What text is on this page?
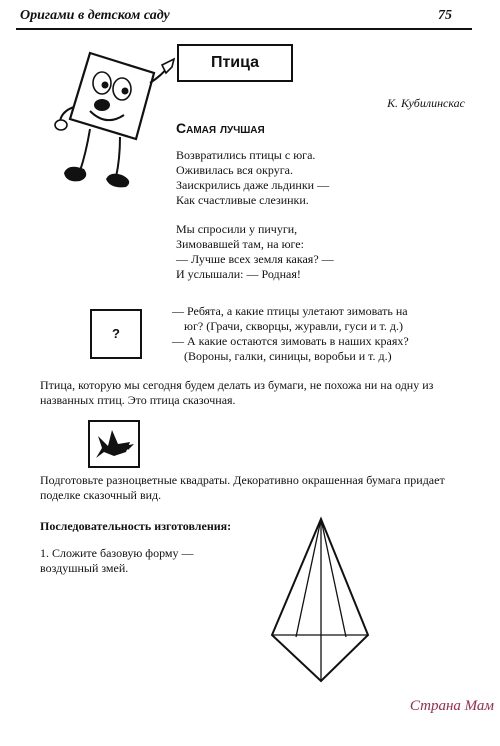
Оригами в детском саду	75
Птица
К. Кубилинскас
Самая лучшая
Возвратились птицы с юга.
Оживилась вся округа.
Заискрились даже льдинки —
Как счастливые слезинки.
Мы спросили у пичуги,
Зимовавшей там, на юге:
— Лучше всех земля какая? —
И услышали: — Родная!
?
— Ребята, а какие птицы улетают зимовать на
юг? (Грачи, скворцы, журавли, гуси и т. д.)
— А какие остаются зимовать в наших краях?
(Вороны, галки, синицы, воробьи и т. д.)
Птица, которую мы сегодня будем делать из бумаги, не похожа ни на одну из названных птиц. Это птица сказочная.
Подготовьте разноцветные квадраты. Декоративно окрашенная бумага придает поделке сказочный вид.
Последовательность изготовления:
1. Сложите базовую форму — воздушный змей.
Страна Мам
